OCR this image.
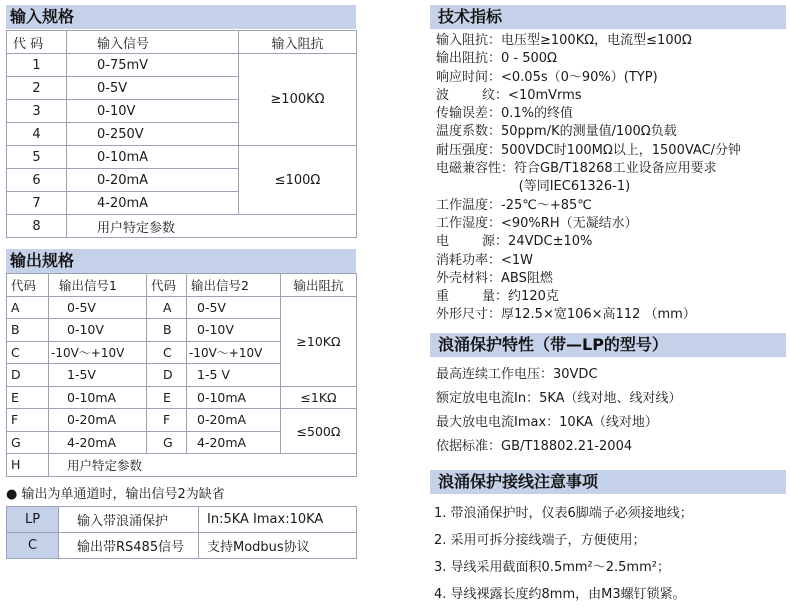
输入规格
代 码	输入信号	输入阻抗
1	0-75mV	≥100KΩ
2	0-5V	
3	0-10V	
4	0-250V	
5	0-10mA	≤100Ω
6	0-20mA	
7	4-20mA	
8	用户特定参数	
输出规格
代码	输出信号1	代码	输出信号2	输出阻抗
A	0-5V	A	0-5V	≥10KΩ
B	0-10V	B	0-10V	
C	-10V～+10V	C	-10V～+10V	
D	1-5V	D	1-5 V	
E	0-10mA	E	0-10mA	≤1KΩ
F	0-20mA	F	0-20mA	≤500Ω
G	4-20mA	G	4-20mA	
H	用户特定参数			
● 输出为单通道时，输出信号2为缺省
LP	输入带浪涌保护	In:5KA Imax:10KA
C	输出带RS485信号	支持Modbus协议
技术指标
输入阻抗：电压型≥100KΩ，电流型≤100Ω
输出阻抗：0 - 500Ω
响应时间：<0.05s（0～90%）(TYP)
波        纹：<10mVrms
传输误差：0.1%的终值
温度系数：50ppm/K的测量值/100Ω负载
耐压强度：500VDC时100MΩ以上，1500VAC/分钟
电磁兼容性：符合GB/T18268工业设备应用要求
(等同IEC61326-1)
工作温度：-25℃～+85℃
工作湿度：<90%RH（无凝结水）
电        源：24VDC±10%
消耗功率：<1W
外壳材料：ABS阻燃
重        量：约120克
外形尺寸：厚12.5×宽106×高112 （mm）
浪涌保护特性（带—LP的型号）
最高连续工作电压：30VDC
额定放电电流In：5KA（线对地、线对线）
最大放电电流Imax：10KA（线对地）
依据标准：GB/T18802.21-2004
浪涌保护接线注意事项
1. 带浪涌保护时，仪表6脚端子必须接地线；
2. 采用可拆分接线端子，方便使用；
3. 导线采用截面积0.5mm²～2.5mm²；
4. 导线裸露长度约8mm，由M3螺钉锁紧。
